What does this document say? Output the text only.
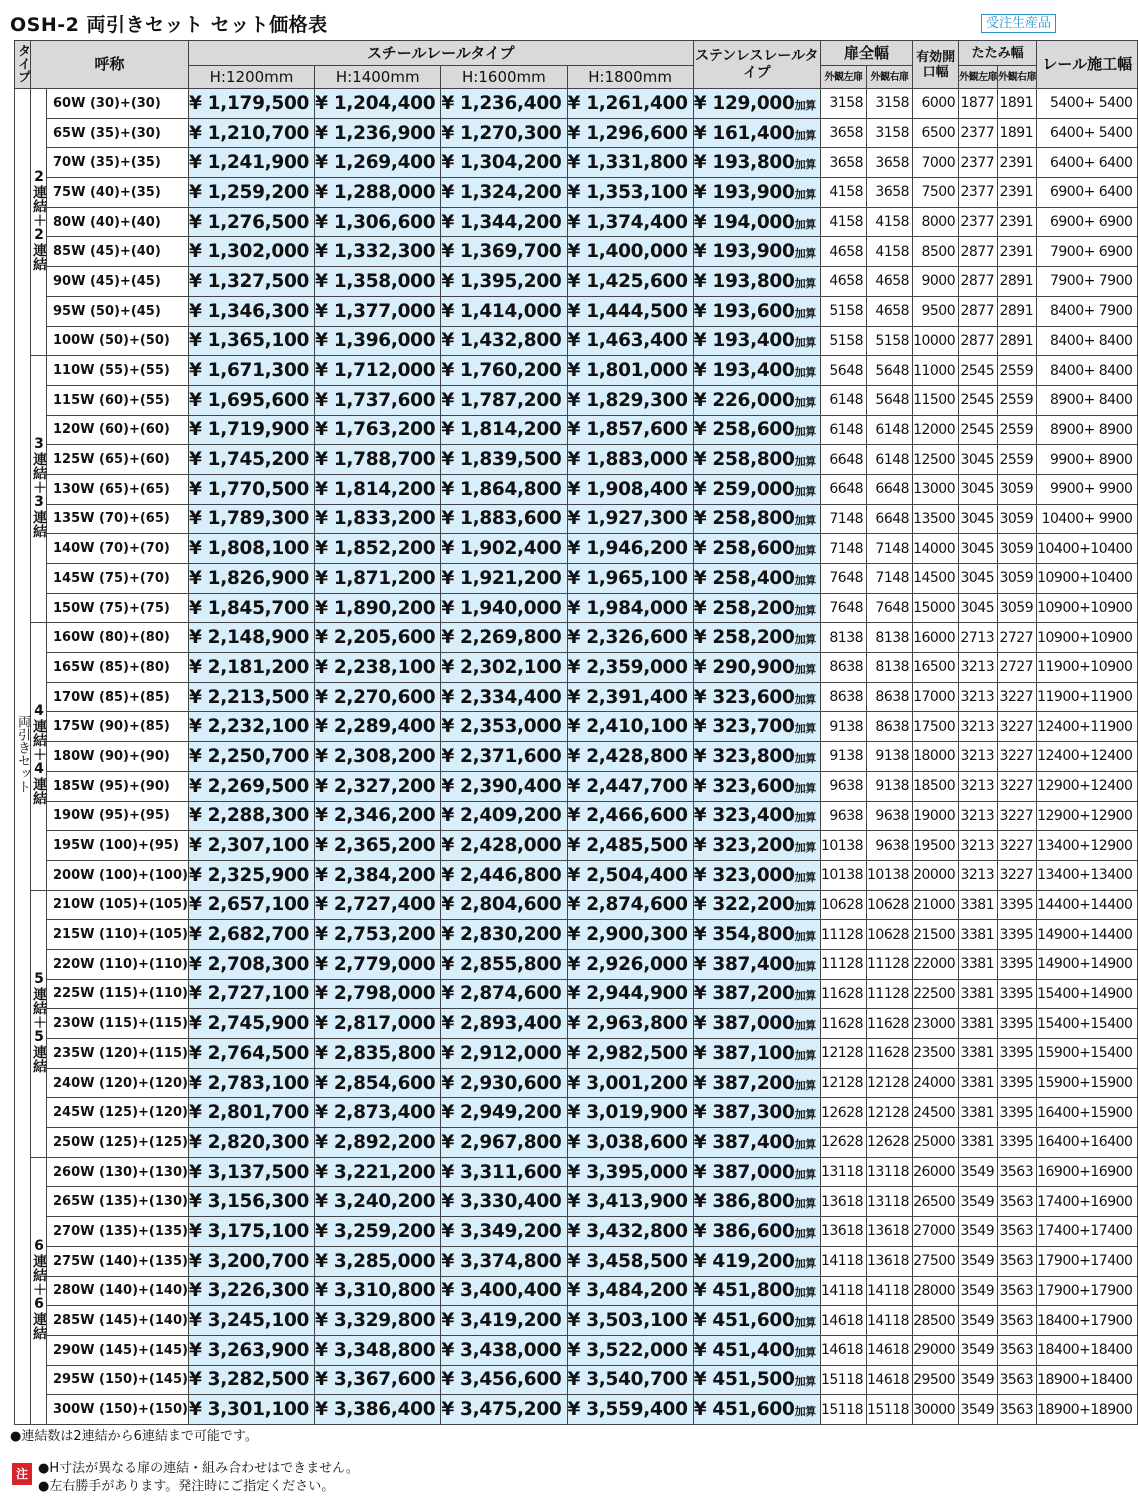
OSH-2 両引きセット セット価格表	受注生産品
タイプ	呼称		スチールレールタイプ				ステンレスレールタイプ	扉全幅		有効開口幅	たたみ幅		レール施工幅
			H:1200mm	H:1400mm	H:1600mm	H:1800mm		外観左扉	外観右扉		外観左扉	外観右扉	
両引きセット	2連結＋2連結	60W (30)+(30)	¥ 1,179,500	¥ 1,204,400	¥ 1,236,400	¥ 1,261,400	¥ 129,000加算	3158	3158	6000	1877	1891	5400+ 5400
		65W (35)+(30)	¥ 1,210,700	¥ 1,236,900	¥ 1,270,300	¥ 1,296,600	¥ 161,400加算	3658	3158	6500	2377	1891	6400+ 5400
		70W (35)+(35)	¥ 1,241,900	¥ 1,269,400	¥ 1,304,200	¥ 1,331,800	¥ 193,800加算	3658	3658	7000	2377	2391	6400+ 6400
		75W (40)+(35)	¥ 1,259,200	¥ 1,288,000	¥ 1,324,200	¥ 1,353,100	¥ 193,900加算	4158	3658	7500	2377	2391	6900+ 6400
		80W (40)+(40)	¥ 1,276,500	¥ 1,306,600	¥ 1,344,200	¥ 1,374,400	¥ 194,000加算	4158	4158	8000	2377	2391	6900+ 6900
		85W (45)+(40)	¥ 1,302,000	¥ 1,332,300	¥ 1,369,700	¥ 1,400,000	¥ 193,900加算	4658	4158	8500	2877	2391	7900+ 6900
		90W (45)+(45)	¥ 1,327,500	¥ 1,358,000	¥ 1,395,200	¥ 1,425,600	¥ 193,800加算	4658	4658	9000	2877	2891	7900+ 7900
		95W (50)+(45)	¥ 1,346,300	¥ 1,377,000	¥ 1,414,000	¥ 1,444,500	¥ 193,600加算	5158	4658	9500	2877	2891	8400+ 7900
		100W (50)+(50)	¥ 1,365,100	¥ 1,396,000	¥ 1,432,800	¥ 1,463,400	¥ 193,400加算	5158	5158	10000	2877	2891	8400+ 8400
	3連結＋3連結	110W (55)+(55)	¥ 1,671,300	¥ 1,712,000	¥ 1,760,200	¥ 1,801,000	¥ 193,400加算	5648	5648	11000	2545	2559	8400+ 8400
		115W (60)+(55)	¥ 1,695,600	¥ 1,737,600	¥ 1,787,200	¥ 1,829,300	¥ 226,000加算	6148	5648	11500	2545	2559	8900+ 8400
		120W (60)+(60)	¥ 1,719,900	¥ 1,763,200	¥ 1,814,200	¥ 1,857,600	¥ 258,600加算	6148	6148	12000	2545	2559	8900+ 8900
		125W (65)+(60)	¥ 1,745,200	¥ 1,788,700	¥ 1,839,500	¥ 1,883,000	¥ 258,800加算	6648	6148	12500	3045	2559	9900+ 8900
		130W (65)+(65)	¥ 1,770,500	¥ 1,814,200	¥ 1,864,800	¥ 1,908,400	¥ 259,000加算	6648	6648	13000	3045	3059	9900+ 9900
		135W (70)+(65)	¥ 1,789,300	¥ 1,833,200	¥ 1,883,600	¥ 1,927,300	¥ 258,800加算	7148	6648	13500	3045	3059	10400+ 9900
		140W (70)+(70)	¥ 1,808,100	¥ 1,852,200	¥ 1,902,400	¥ 1,946,200	¥ 258,600加算	7148	7148	14000	3045	3059	10400+10400
		145W (75)+(70)	¥ 1,826,900	¥ 1,871,200	¥ 1,921,200	¥ 1,965,100	¥ 258,400加算	7648	7148	14500	3045	3059	10900+10400
		150W (75)+(75)	¥ 1,845,700	¥ 1,890,200	¥ 1,940,000	¥ 1,984,000	¥ 258,200加算	7648	7648	15000	3045	3059	10900+10900
	4連結＋4連結	160W (80)+(80)	¥ 2,148,900	¥ 2,205,600	¥ 2,269,800	¥ 2,326,600	¥ 258,200加算	8138	8138	16000	2713	2727	10900+10900
		165W (85)+(80)	¥ 2,181,200	¥ 2,238,100	¥ 2,302,100	¥ 2,359,000	¥ 290,900加算	8638	8138	16500	3213	2727	11900+10900
		170W (85)+(85)	¥ 2,213,500	¥ 2,270,600	¥ 2,334,400	¥ 2,391,400	¥ 323,600加算	8638	8638	17000	3213	3227	11900+11900
		175W (90)+(85)	¥ 2,232,100	¥ 2,289,400	¥ 2,353,000	¥ 2,410,100	¥ 323,700加算	9138	8638	17500	3213	3227	12400+11900
		180W (90)+(90)	¥ 2,250,700	¥ 2,308,200	¥ 2,371,600	¥ 2,428,800	¥ 323,800加算	9138	9138	18000	3213	3227	12400+12400
		185W (95)+(90)	¥ 2,269,500	¥ 2,327,200	¥ 2,390,400	¥ 2,447,700	¥ 323,600加算	9638	9138	18500	3213	3227	12900+12400
		190W (95)+(95)	¥ 2,288,300	¥ 2,346,200	¥ 2,409,200	¥ 2,466,600	¥ 323,400加算	9638	9638	19000	3213	3227	12900+12900
		195W (100)+(95)	¥ 2,307,100	¥ 2,365,200	¥ 2,428,000	¥ 2,485,500	¥ 323,200加算	10138	9638	19500	3213	3227	13400+12900
		200W (100)+(100)	¥ 2,325,900	¥ 2,384,200	¥ 2,446,800	¥ 2,504,400	¥ 323,000加算	10138	10138	20000	3213	3227	13400+13400
	5連結＋5連結	210W (105)+(105)	¥ 2,657,100	¥ 2,727,400	¥ 2,804,600	¥ 2,874,600	¥ 322,200加算	10628	10628	21000	3381	3395	14400+14400
		215W (110)+(105)	¥ 2,682,700	¥ 2,753,200	¥ 2,830,200	¥ 2,900,300	¥ 354,800加算	11128	10628	21500	3381	3395	14900+14400
		220W (110)+(110)	¥ 2,708,300	¥ 2,779,000	¥ 2,855,800	¥ 2,926,000	¥ 387,400加算	11128	11128	22000	3381	3395	14900+14900
		225W (115)+(110)	¥ 2,727,100	¥ 2,798,000	¥ 2,874,600	¥ 2,944,900	¥ 387,200加算	11628	11128	22500	3381	3395	15400+14900
		230W (115)+(115)	¥ 2,745,900	¥ 2,817,000	¥ 2,893,400	¥ 2,963,800	¥ 387,000加算	11628	11628	23000	3381	3395	15400+15400
		235W (120)+(115)	¥ 2,764,500	¥ 2,835,800	¥ 2,912,000	¥ 2,982,500	¥ 387,100加算	12128	11628	23500	3381	3395	15900+15400
		240W (120)+(120)	¥ 2,783,100	¥ 2,854,600	¥ 2,930,600	¥ 3,001,200	¥ 387,200加算	12128	12128	24000	3381	3395	15900+15900
		245W (125)+(120)	¥ 2,801,700	¥ 2,873,400	¥ 2,949,200	¥ 3,019,900	¥ 387,300加算	12628	12128	24500	3381	3395	16400+15900
		250W (125)+(125)	¥ 2,820,300	¥ 2,892,200	¥ 2,967,800	¥ 3,038,600	¥ 387,400加算	12628	12628	25000	3381	3395	16400+16400
	6連結＋6連結	260W (130)+(130)	¥ 3,137,500	¥ 3,221,200	¥ 3,311,600	¥ 3,395,000	¥ 387,000加算	13118	13118	26000	3549	3563	16900+16900
		265W (135)+(130)	¥ 3,156,300	¥ 3,240,200	¥ 3,330,400	¥ 3,413,900	¥ 386,800加算	13618	13118	26500	3549	3563	17400+16900
		270W (135)+(135)	¥ 3,175,100	¥ 3,259,200	¥ 3,349,200	¥ 3,432,800	¥ 386,600加算	13618	13618	27000	3549	3563	17400+17400
		275W (140)+(135)	¥ 3,200,700	¥ 3,285,000	¥ 3,374,800	¥ 3,458,500	¥ 419,200加算	14118	13618	27500	3549	3563	17900+17400
		280W (140)+(140)	¥ 3,226,300	¥ 3,310,800	¥ 3,400,400	¥ 3,484,200	¥ 451,800加算	14118	14118	28000	3549	3563	17900+17900
		285W (145)+(140)	¥ 3,245,100	¥ 3,329,800	¥ 3,419,200	¥ 3,503,100	¥ 451,600加算	14618	14118	28500	3549	3563	18400+17900
		290W (145)+(145)	¥ 3,263,900	¥ 3,348,800	¥ 3,438,000	¥ 3,522,000	¥ 451,400加算	14618	14618	29000	3549	3563	18400+18400
		295W (150)+(145)	¥ 3,282,500	¥ 3,367,600	¥ 3,456,600	¥ 3,540,700	¥ 451,500加算	15118	14618	29500	3549	3563	18900+18400
		300W (150)+(150)	¥ 3,301,100	¥ 3,386,400	¥ 3,475,200	¥ 3,559,400	¥ 451,600加算	15118	15118	30000	3549	3563	18900+18900
●連結数は2連結から6連結まで可能です。
注 ●H寸法が異なる扉の連結・組み合わせはできません。
●左右勝手があります。発注時にご指定ください。
